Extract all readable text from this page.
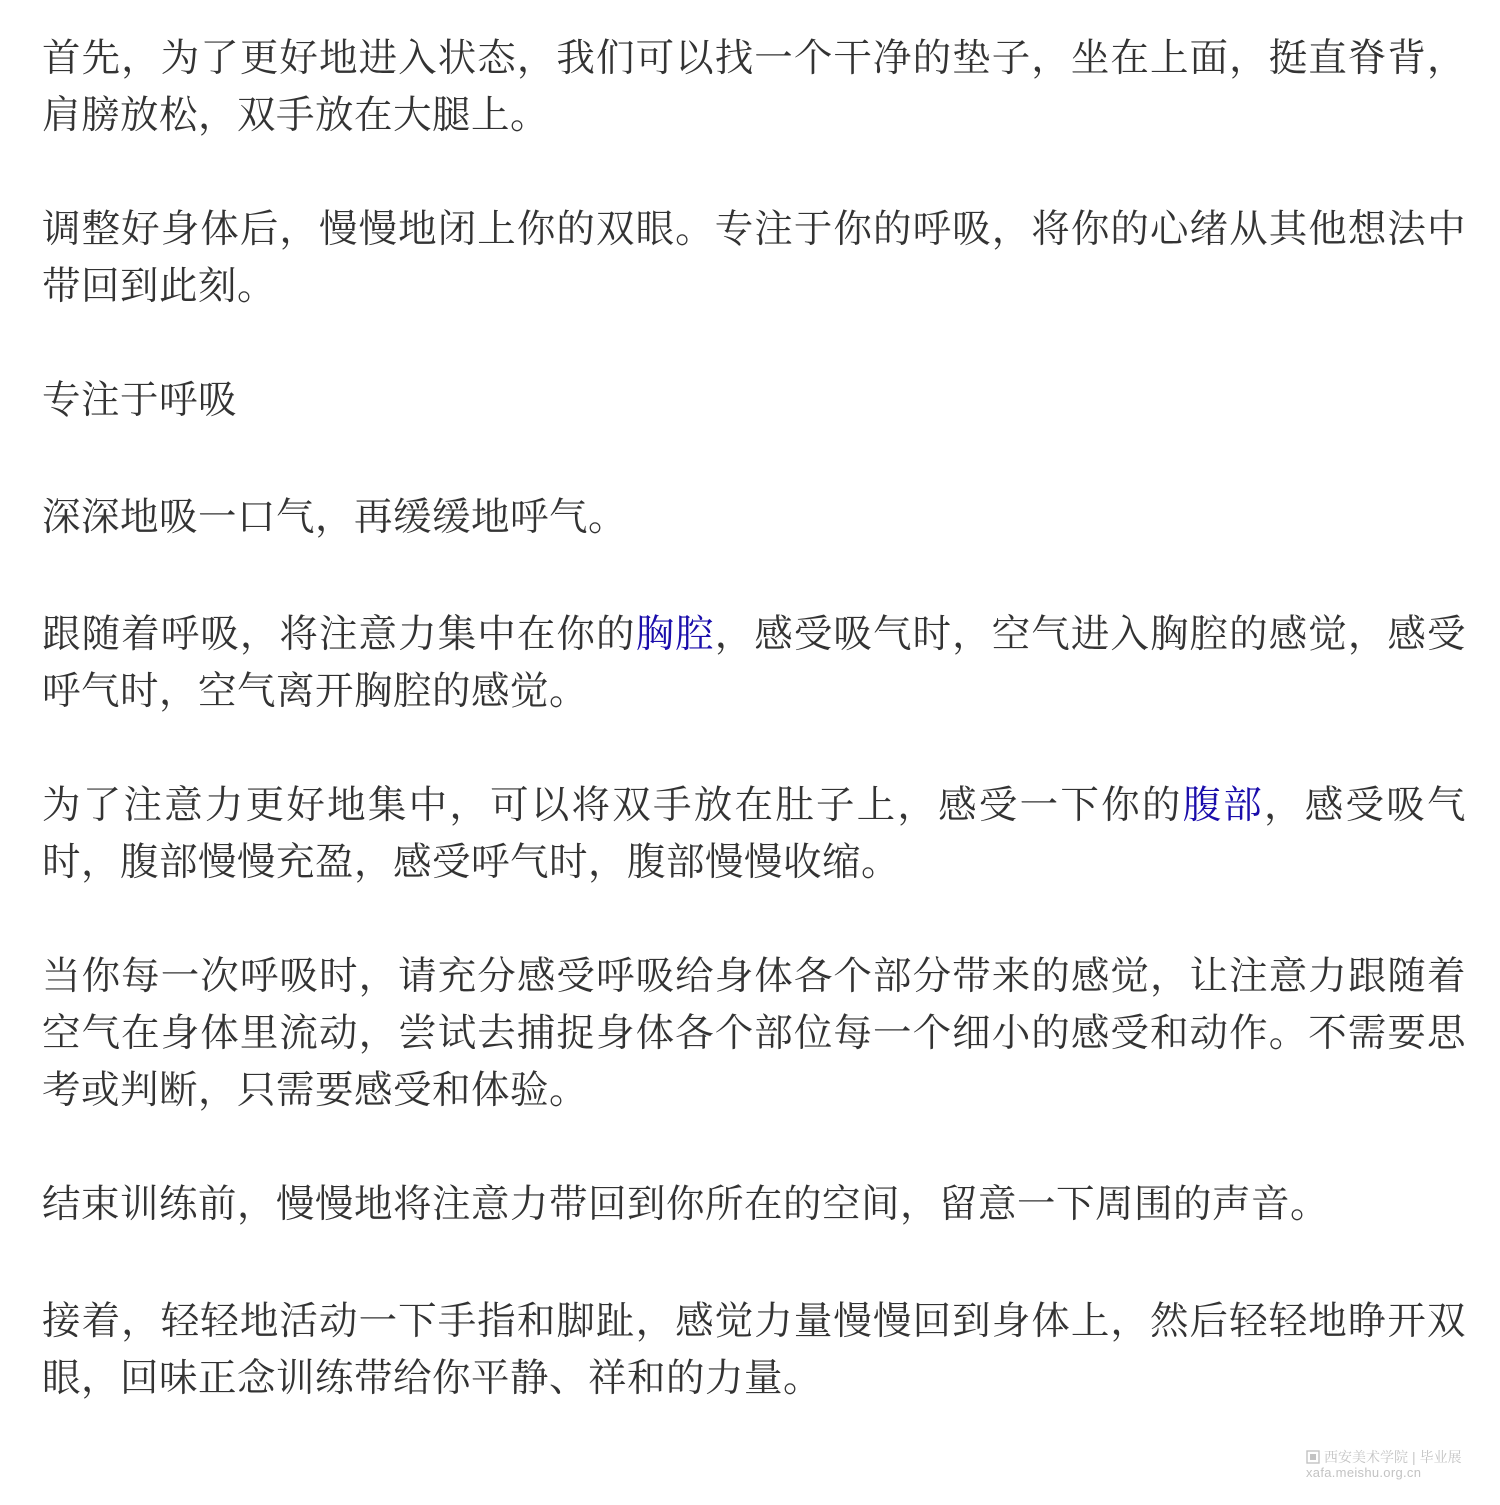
首先，为了更好地进入状态，我们可以找一个干净的垫子，坐在上面，挺直脊背，肩膀放松，双手放在大腿上。

调整好身体后，慢慢地闭上你的双眼。专注于你的呼吸，将你的心绪从其他想法中带回到此刻。

专注于呼吸

深深地吸一口气，再缓缓地呼气。

跟随着呼吸，将注意力集中在你的胸腔，感受吸气时，空气进入胸腔的感觉，感受呼气时，空气离开胸腔的感觉。

为了注意力更好地集中，可以将双手放在肚子上，感受一下你的腹部，感受吸气时，腹部慢慢充盈，感受呼气时，腹部慢慢收缩。

当你每一次呼吸时，请充分感受呼吸给身体各个部分带来的感觉，让注意力跟随着空气在身体里流动，尝试去捕捉身体各个部位每一个细小的感受和动作。不需要思考或判断，只需要感受和体验。

结束训练前，慢慢地将注意力带回到你所在的空间，留意一下周围的声音。

接着，轻轻地活动一下手指和脚趾，感觉力量慢慢回到身体上，然后轻轻地睁开双眼，回味正念训练带给你平静、祥和的力量。

西安美术学院 | 毕业展
xafa.meishu.org.cn
